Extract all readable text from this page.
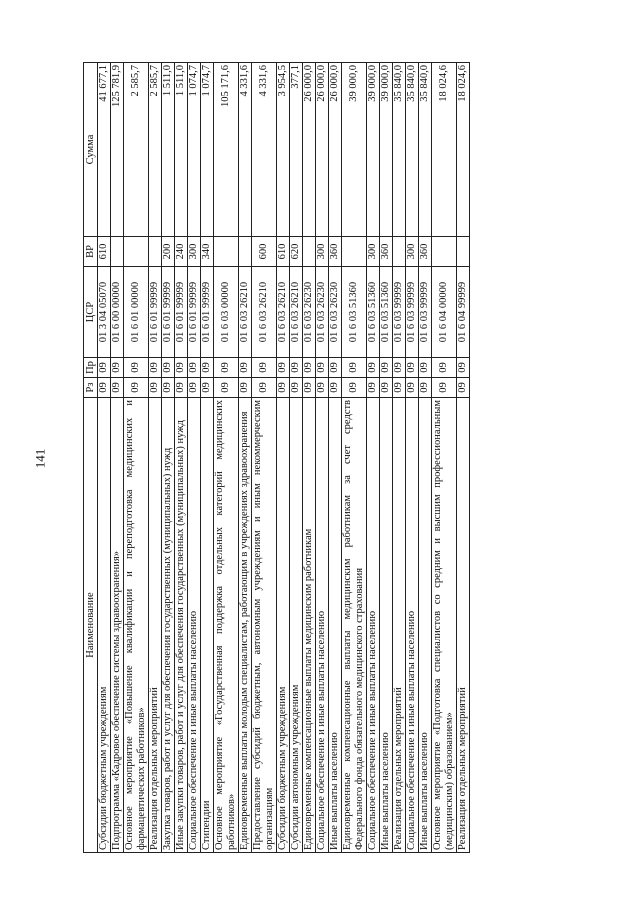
141
Наименование	Рз	Пр	ЦСР	ВР	Сумма
Субсидии бюджетным учреждениям	09	09	01 3 04 05070	610	41 677,1
Подпрограмма «Кадровое обеспечение системы здравоохранения»	09	09	01 6 00 00000		125 781,9
Основное мероприятие «Повышение квалификации и переподготовка медицинских и фармацевтических работников»	09	09	01 6 01 00000		2 585,7
Реализация отдельных мероприятий	09	09	01 6 01 99999		2 585,7
Закупка товаров, работ и услуг для обеспечения государственных (муниципальных) нужд	09	09	01 6 01 99999	200	1 511,0
Иные закупки товаров, работ и услуг для обеспечения государственных (муниципальных) нужд	09	09	01 6 01 99999	240	1 511,0
Социальное обеспечение и иные выплаты населению	09	09	01 6 01 99999	300	1 074,7
Стипендии	09	09	01 6 01 99999	340	1 074,7
Основное мероприятие «Государственная поддержка отдельных категорий медицинских работников»	09	09	01 6 03 00000		105 171,6
Единовременные выплаты молодым специалистам, работающим в учреждениях здравоохранения	09	09	01 6 03 26210		4 331,6
Предоставление субсидий бюджетным, автономным учреждениям и иным некоммерческим организациям	09	09	01 6 03 26210	600	4 331,6
Субсидии бюджетным учреждениям	09	09	01 6 03 26210	610	3 954,5
Субсидии автономным учреждениям	09	09	01 6 03 26210	620	377,1
Единовременные компенсационные выплаты медицинским работникам	09	09	01 6 03 26230		26 000,0
Социальное обеспечение и иные выплаты населению	09	09	01 6 03 26230	300	26 000,0
Иные выплаты населению	09	09	01 6 03 26230	360	26 000,0
Единовременные компенсационные выплаты медицинским работникам за счет средств Федерального фонда обязательного медицинского страхования	09	09	01 6 03 51360		39 000,0
Социальное обеспечение и иные выплаты населению	09	09	01 6 03 51360	300	39 000,0
Иные выплаты населению	09	09	01 6 03 51360	360	39 000,0
Реализация отдельных мероприятий	09	09	01 6 03 99999		35 840,0
Социальное обеспечение и иные выплаты населению	09	09	01 6 03 99999	300	35 840,0
Иные выплаты населению	09	09	01 6 03 99999	360	35 840,0
Основное мероприятие «Подготовка специалистов со средним и высшим профессиональным (медицинским) образованием»	09	09	01 6 04 00000		18 024,6
Реализация отдельных мероприятий	09	09	01 6 04 99999		18 024,6
